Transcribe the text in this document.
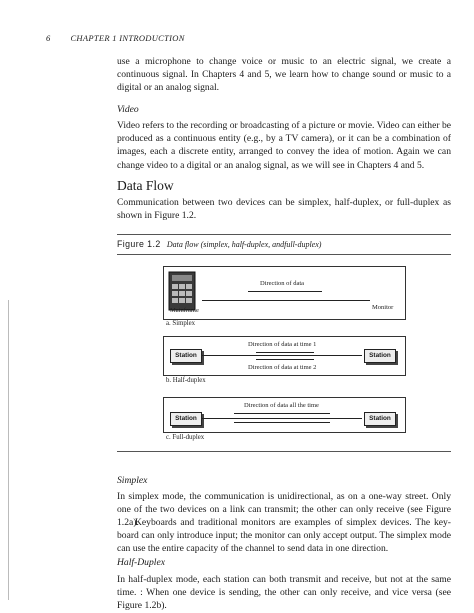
6 CHAPTER 1 INTRODUCTION

use a microphone to change voice or music to an electric signal, we create a continuous signal. In Chapters 4 and 5, we learn how to change sound or music to a digital or an analog signal.

Video

Video refers to the recording or broadcasting of a picture or movie. Video can either be produced as a continuous entity (e.g., by a TV camera), or it can be a combination of images, each a discrete entity, arranged to convey the idea of motion. Again we can change video to a digital or an analog signal, as we will see in Chapters 4 and 5.

Data Flow

Communication between two devices can be simplex, half-duplex, or full-duplex as shown in Figure 1.2.

Figure 1.2 Data flow (simplex, half-duplex, andfull-duplex)
Direction of data
Mainframe	Monitor
a. Simplex
Station	Station
Direction of data at time 1
Direction of data at time 2
b. Half-duplex
Station	Station
Direction of data all the time
c. Full-duplex
Simplex

In simplex mode, the communication is unidirectional, as on a one-way street. Only one of the two devices on a link can transmit; the other can only receive (see Figure 1.2a).

Keyboards and traditional monitors are examples of simplex devices. The key-board can only introduce input; the monitor can only accept output. The simplex mode can use the entire capacity of the channel to send data in one direction.

Half-Duplex

In half-duplex mode, each station can both transmit and receive, but not at the same time. : When one device is sending, the other can only receive, and vice versa (see Figure 1.2b).
